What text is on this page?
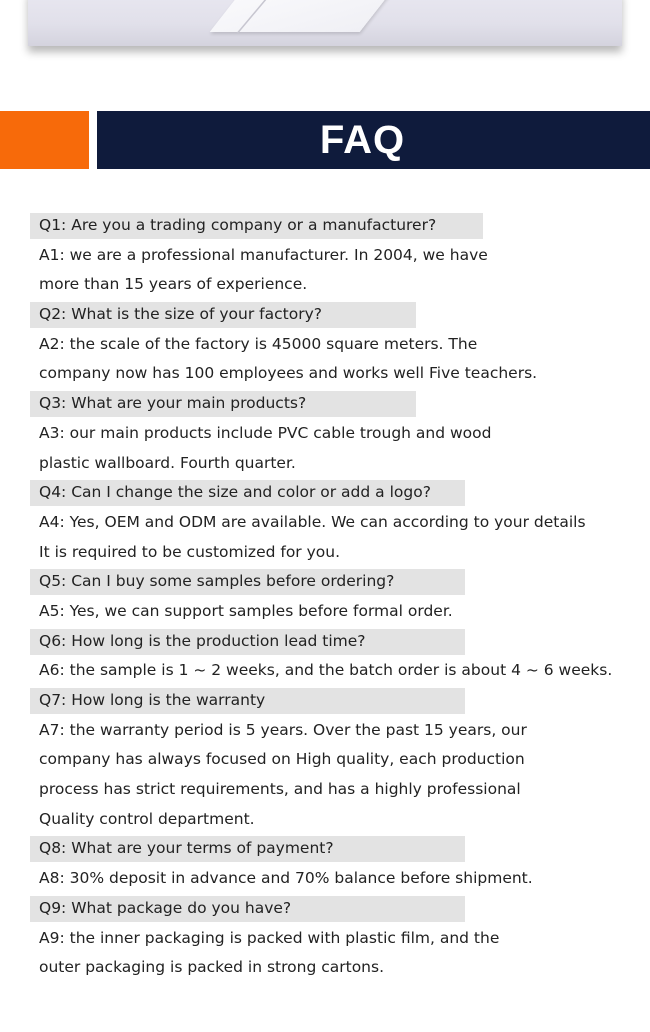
FAQ
Q1: Are you a trading company or a manufacturer?
A1: we are a professional manufacturer. In 2004, we have
more than 15 years of experience.
Q2: What is the size of your factory?
A2: the scale of the factory is 45000 square meters. The
company now has 100 employees and works well Five teachers.
Q3: What are your main products?
A3: our main products include PVC cable trough and wood
plastic wallboard. Fourth quarter.
Q4: Can I change the size and color or add a logo?
A4: Yes, OEM and ODM are available. We can according to your details
It is required to be customized for you.
Q5: Can I buy some samples before ordering?
A5: Yes, we can support samples before formal order.
Q6: How long is the production lead time?
A6: the sample is 1 ~ 2 weeks, and the batch order is about 4 ~ 6 weeks.
Q7: How long is the warranty
A7: the warranty period is 5 years. Over the past 15 years, our
company has always focused on High quality, each production
process has strict requirements, and has a highly professional
Quality control department.
Q8: What are your terms of payment?
A8: 30% deposit in advance and 70% balance before shipment.
Q9: What package do you have?
A9: the inner packaging is packed with plastic film, and the
outer packaging is packed in strong cartons.
